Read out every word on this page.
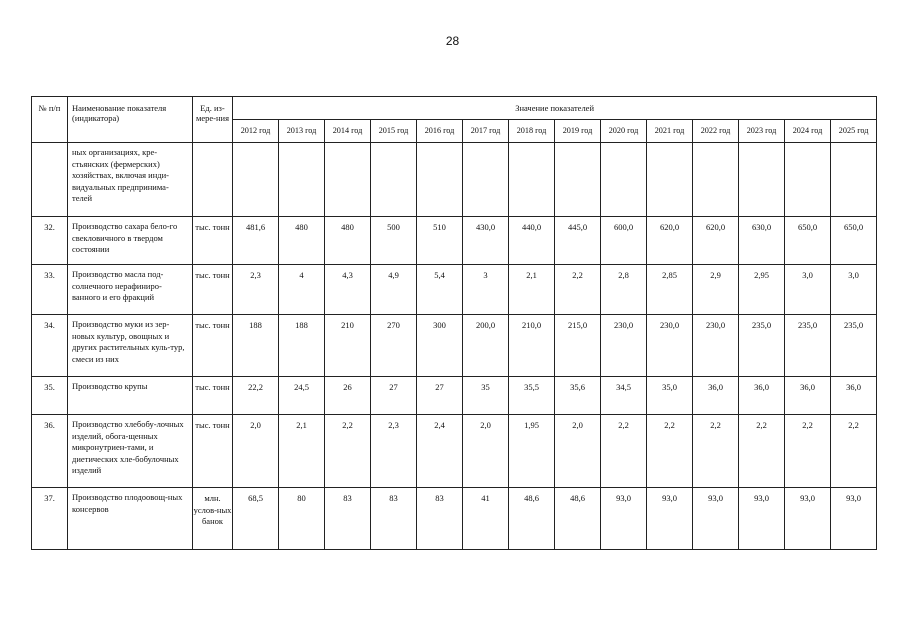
28
№ п/п	Наименование показателя (индикатора)	Ед. из-мере-ния	Значение показателей													
			2012 год	2013 год	2014 год	2015 год	2016 год	2017 год	2018 год	2019 год	2020 год	2021 год	2022 год	2023 год	2024 год	2025 год
	ных организациях, кре-стьянских (фермерских) хозяйствах, включая инди-видуальных предпринима-телей															
32.	Производство сахара бело-го свекловичного в твердом состоянии	тыс. тонн	481,6	480	480	500	510	430,0	440,0	445,0	600,0	620,0	620,0	630,0	650,0	650,0
33.	Производство масла под-солнечного нерафиниро-ванного и его фракций	тыс. тонн	2,3	4	4,3	4,9	5,4	3	2,1	2,2	2,8	2,85	2,9	2,95	3,0	3,0
34.	Производство муки из зер-новых культур, овощных и других растительных куль-тур, смеси из них	тыс. тонн	188	188	210	270	300	200,0	210,0	215,0	230,0	230,0	230,0	235,0	235,0	235,0
35.	Производство крупы	тыс. тонн	22,2	24,5	26	27	27	35	35,5	35,6	34,5	35,0	36,0	36,0	36,0	36,0
36.	Производство хлебобу-лочных изделий, обога-щенных микронутриен-тами, и диетических хле-бобулочных изделий	тыс. тонн	2,0	2,1	2,2	2,3	2,4	2,0	1,95	2,0	2,2	2,2	2,2	2,2	2,2	2,2
37.	Производство плодоовощ-ных консервов	млн. услов-ных банок	68,5	80	83	83	83	41	48,6	48,6	93,0	93,0	93,0	93,0	93,0	93,0
